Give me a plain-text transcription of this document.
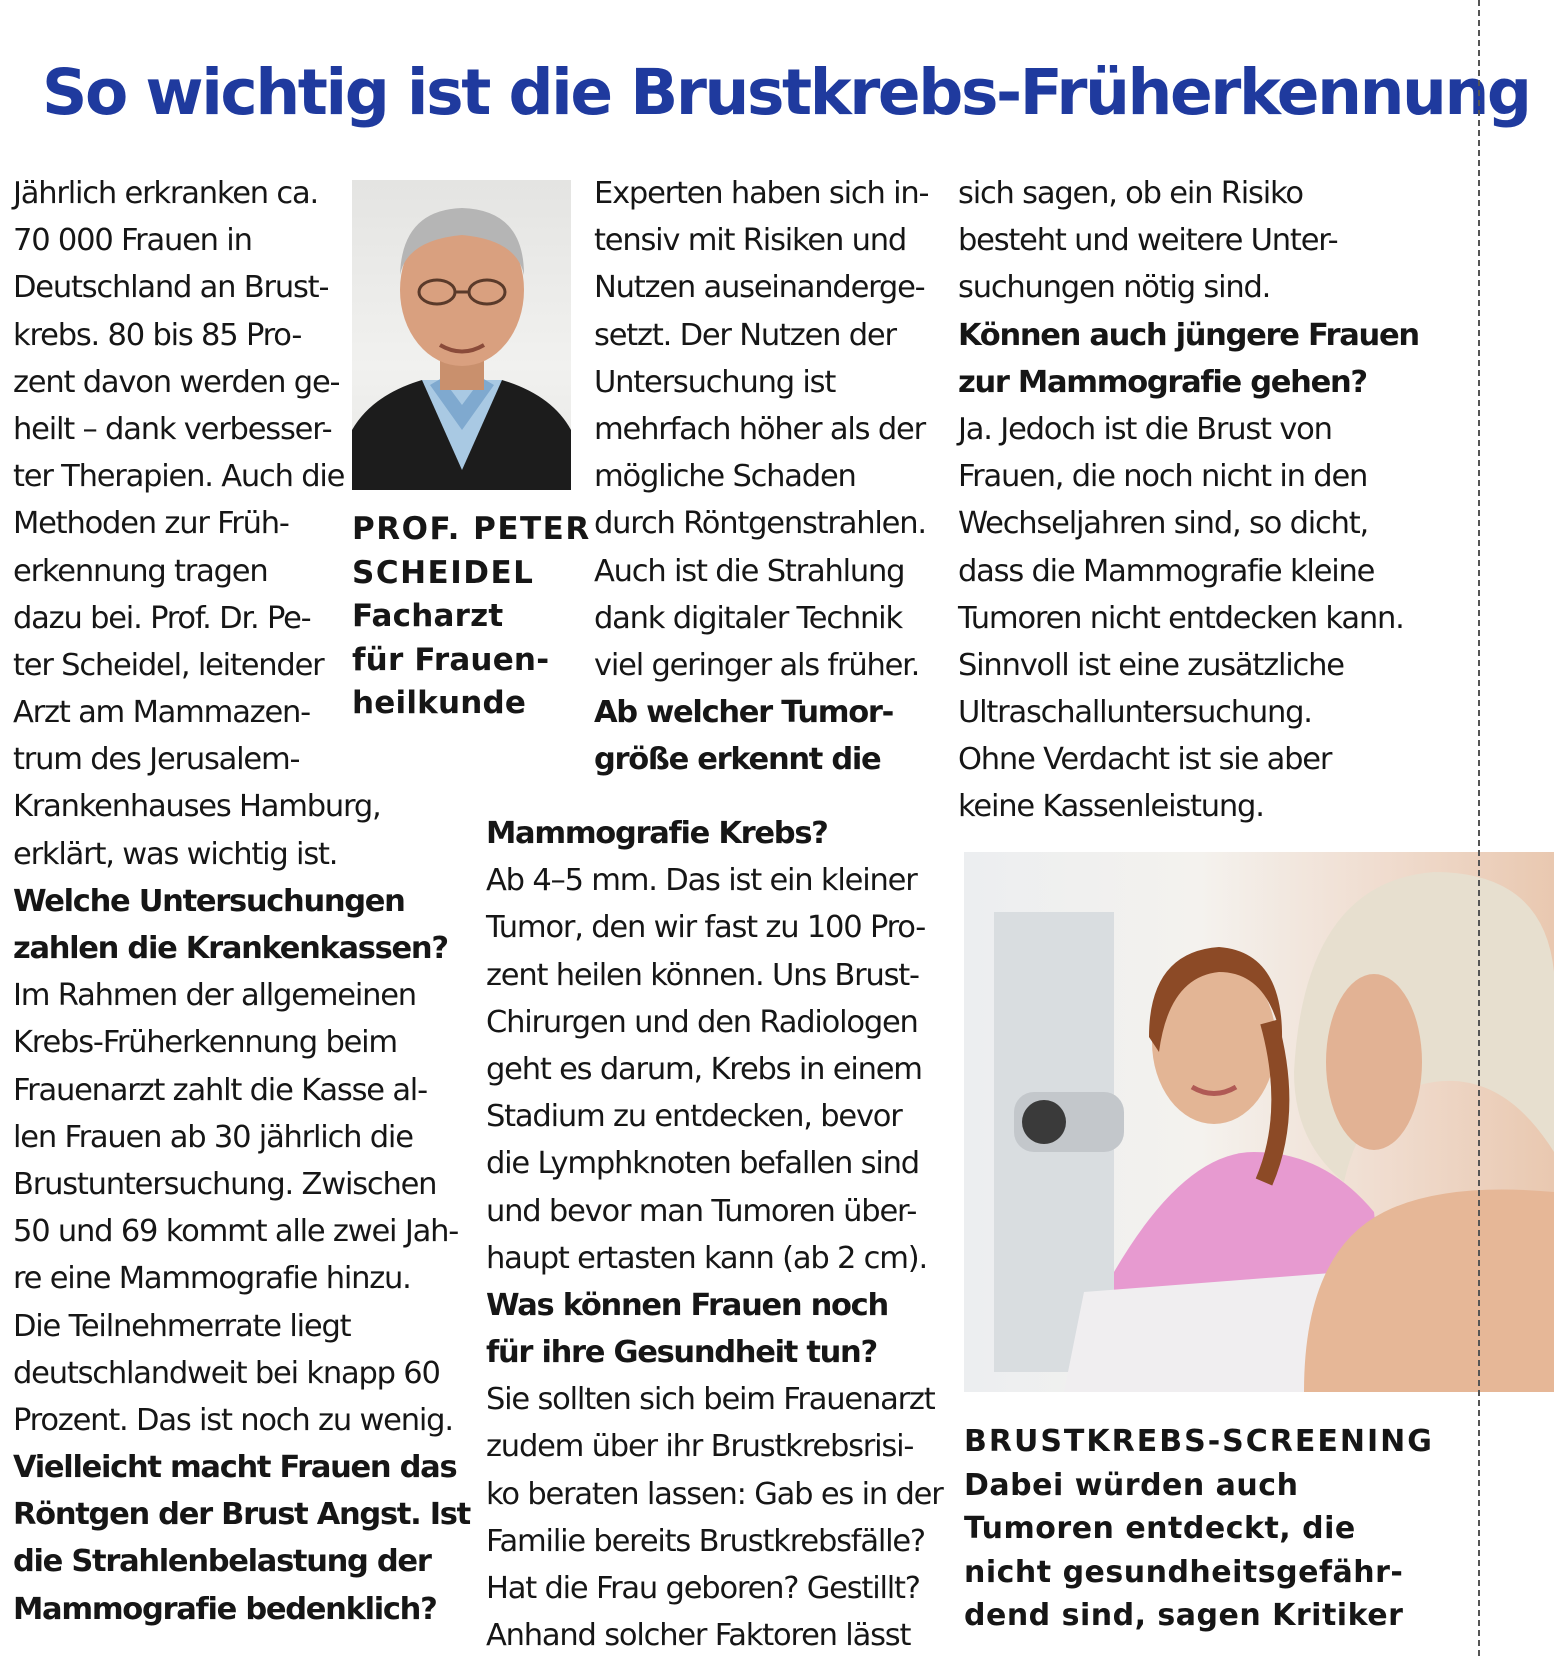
So wichtig ist die Brustkrebs-Früherkennung
Jährlich erkranken ca.
70 000 Frauen in
Deutschland an Brust-
krebs. 80 bis 85 Pro-
zent davon werden ge-
heilt – dank verbesser-
ter Therapien. Auch die
Methoden zur Früh-
erkennung tragen
dazu bei. Prof. Dr. Pe-
ter Scheidel, leitender
Arzt am Mammazen-
trum des Jerusalem-
Krankenhauses Hamburg,
erklärt, was wichtig ist.
Welche Untersuchungen
zahlen die Krankenkassen?
Im Rahmen der allgemeinen
Krebs-Früherkennung beim
Frauenarzt zahlt die Kasse al-
len Frauen ab 30 jährlich die
Brustuntersuchung. Zwischen
50 und 69 kommt alle zwei Jah-
re eine Mammografie hinzu.
Die Teilnehmerrate liegt
deutschlandweit bei knapp 60
Prozent. Das ist noch zu wenig.
Vielleicht macht Frauen das
Röntgen der Brust Angst. Ist
die Strahlenbelastung der
Mammografie bedenklich?
PROF. PETER
SCHEIDEL
Facharzt
für Frauen-
heilkunde
Experten haben sich in-
tensiv mit Risiken und
Nutzen auseinanderge-
setzt. Der Nutzen der
Untersuchung ist
mehrfach höher als der
mögliche Schaden
durch Röntgenstrahlen.
Auch ist die Strahlung
dank digitaler Technik
viel geringer als früher.
Ab welcher Tumor-
größe erkennt die
Mammografie Krebs?
Ab 4–5 mm. Das ist ein kleiner
Tumor, den wir fast zu 100 Pro-
zent heilen können. Uns Brust-
Chirurgen und den Radiologen
geht es darum, Krebs in einem
Stadium zu entdecken, bevor
die Lymphknoten befallen sind
und bevor man Tumoren über-
haupt ertasten kann (ab 2 cm).
Was können Frauen noch
für ihre Gesundheit tun?
Sie sollten sich beim Frauenarzt
zudem über ihr Brustkrebsrisi-
ko beraten lassen: Gab es in der
Familie bereits Brustkrebsfälle?
Hat die Frau geboren? Gestillt?
Anhand solcher Faktoren lässt
sich sagen, ob ein Risiko
besteht und weitere Unter-
suchungen nötig sind.
Können auch jüngere Frauen
zur Mammografie gehen?
Ja. Jedoch ist die Brust von
Frauen, die noch nicht in den
Wechseljahren sind, so dicht,
dass die Mammografie kleine
Tumoren nicht entdecken kann.
Sinnvoll ist eine zusätzliche
Ultraschalluntersuchung.
Ohne Verdacht ist sie aber
keine Kassenleistung.
BRUSTKREBS-SCREENING
Dabei würden auch
Tumoren entdeckt, die
nicht gesundheitsgefähr-
dend sind, sagen Kritiker
